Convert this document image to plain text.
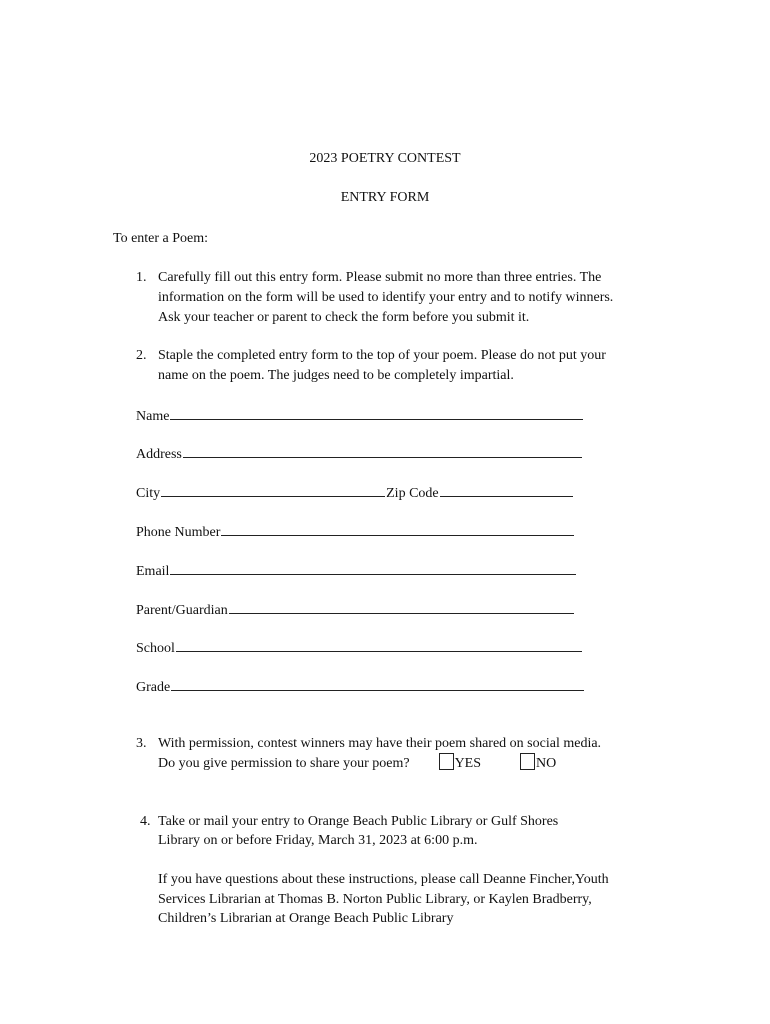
2023 POETRY CONTEST
ENTRY FORM

To enter a Poem:

1. Carefully fill out this entry form. Please submit no more than three entries. The

information on the form will be used to identify your entry and to notify winners.

Ask your teacher or parent to check the form before you submit it.

2. Staple the completed entry form to the top of your poem. Please do not put your

name on the poem. The judges need to be completely impartial.

Name
Address
City	Zip Code
Phone Number
Email
Parent/Guardian
School
Grade
3. With permission, contest winners may have their poem shared on social media.

Do you give permission to share your poem?	YES	NO
4. Take or mail your entry to Orange Beach Public Library or Gulf Shores

Library on or before Friday, March 31, 2023 at 6:00 p.m.

If you have questions about these instructions, please call Deanne Fincher,Youth

Services Librarian at Thomas B. Norton Public Library, or Kaylen Bradberry,

Children’s Librarian at Orange Beach Public Library
